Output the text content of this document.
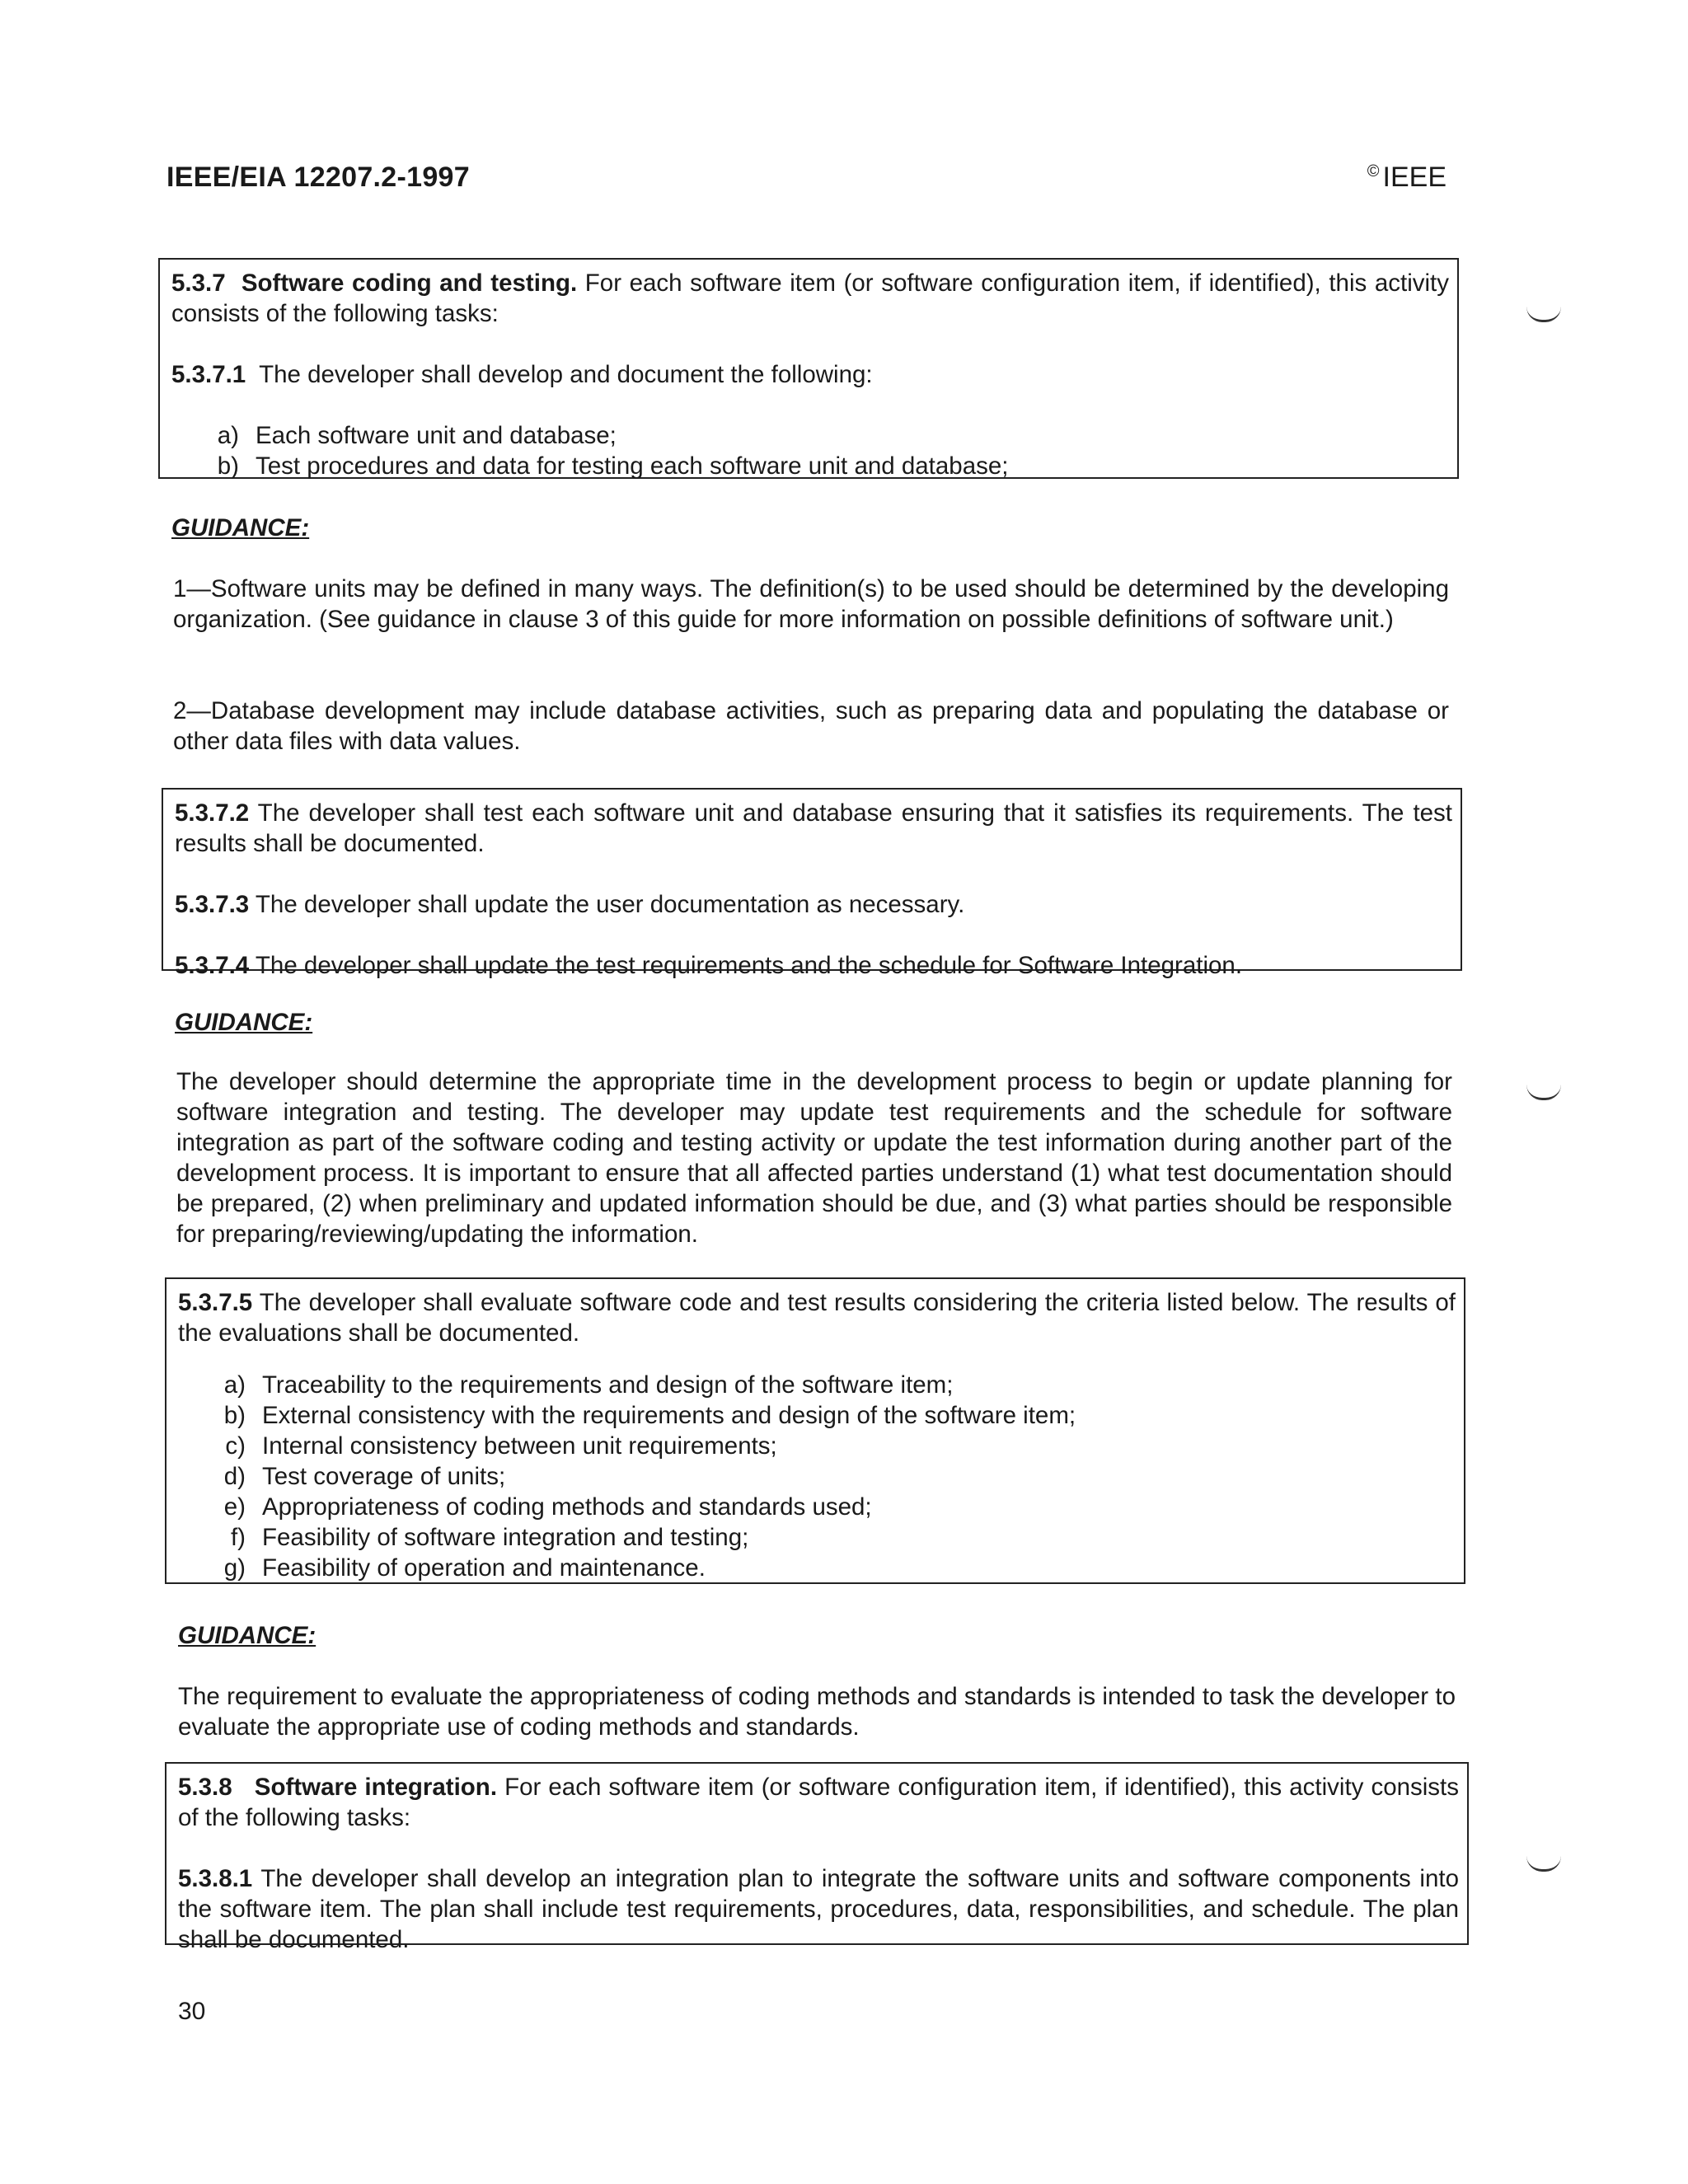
IEEE/EIA 12207.2-1997	© IEEE
5.3.7 Software coding and testing. For each software item (or software configuration item, if identified), this activity consists of the following tasks:
5.3.7.1 The developer shall develop and document the following:
a) Each software unit and database;
b) Test procedures and data for testing each software unit and database;
GUIDANCE:
1—Software units may be defined in many ways. The definition(s) to be used should be determined by the developing organization. (See guidance in clause 3 of this guide for more information on possible definitions of software unit.)
2—Database development may include database activities, such as preparing data and populating the database or other data files with data values.
5.3.7.2 The developer shall test each software unit and database ensuring that it satisfies its requirements. The test results shall be documented.
5.3.7.3 The developer shall update the user documentation as necessary.
5.3.7.4 The developer shall update the test requirements and the schedule for Software Integration.
GUIDANCE:
The developer should determine the appropriate time in the development process to begin or update planning for software integration and testing. The developer may update test requirements and the schedule for software integration as part of the software coding and testing activity or update the test information during another part of the development process. It is important to ensure that all affected parties understand (1) what test documentation should be prepared, (2) when preliminary and updated information should be due, and (3) what parties should be responsible for preparing/reviewing/updating the information.
5.3.7.5 The developer shall evaluate software code and test results considering the criteria listed below. The results of the evaluations shall be documented.
a) Traceability to the requirements and design of the software item;
b) External consistency with the requirements and design of the software item;
c) Internal consistency between unit requirements;
d) Test coverage of units;
e) Appropriateness of coding methods and standards used;
f) Feasibility of software integration and testing;
g) Feasibility of operation and maintenance.
GUIDANCE:
The requirement to evaluate the appropriateness of coding methods and standards is intended to task the developer to evaluate the appropriate use of coding methods and standards.
5.3.8 Software integration. For each software item (or software configuration item, if identified), this activity consists of the following tasks:
5.3.8.1 The developer shall develop an integration plan to integrate the software units and software components into the software item. The plan shall include test requirements, procedures, data, responsibilities, and schedule. The plan shall be documented.
30
